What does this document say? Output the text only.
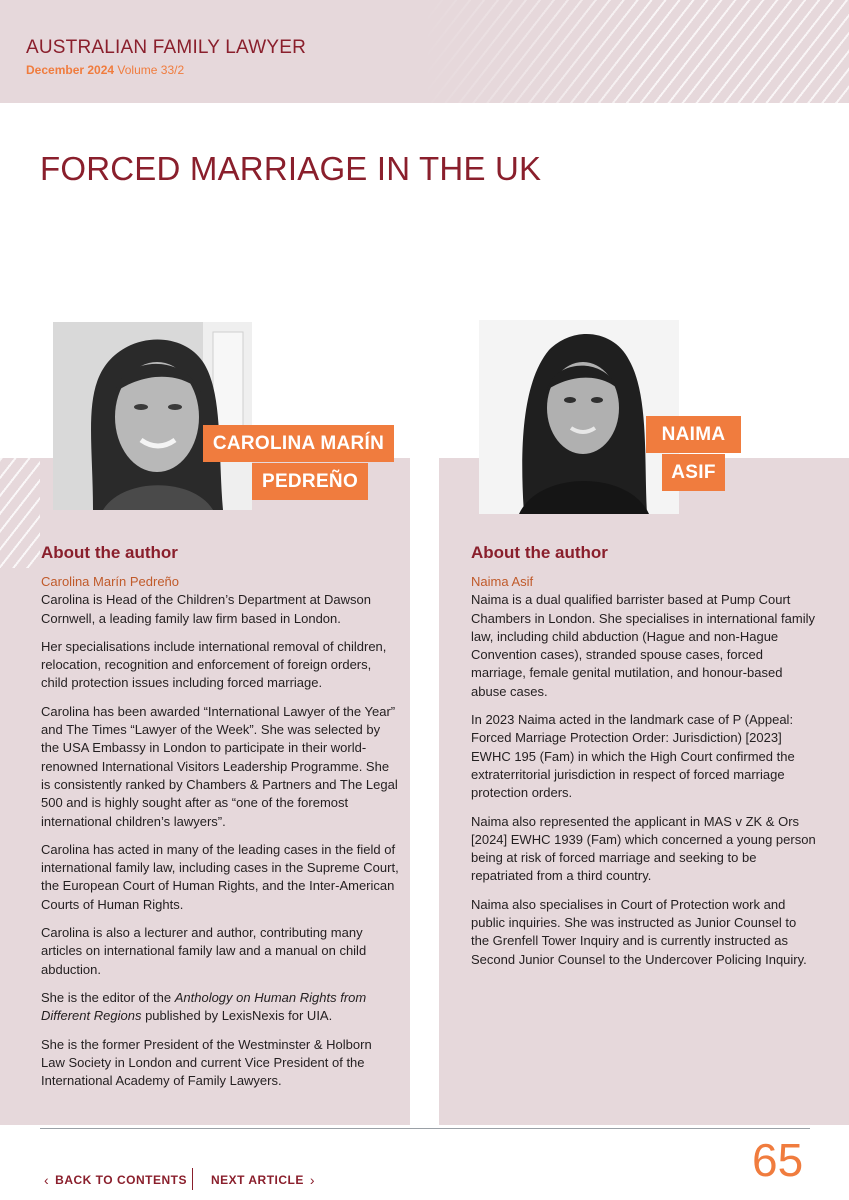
AUSTRALIAN FAMILY LAWYER
December 2024 Volume 33/2
FORCED MARRIAGE IN THE UK
CAROLINA MARÍN
PEDREÑO
NAIMA
ASIF
About the author
Carolina Marín Pedreño

Carolina is Head of the Children’s Department at Dawson Cornwell, a leading family law firm based in London.

Her specialisations include international removal of children, relocation, recognition and enforcement of foreign orders, child protection issues including forced marriage.

Carolina has been awarded “International Lawyer of the Year” and The Times “Lawyer of the Week”. She was selected by the USA Embassy in London to participate in their world-renowned International Visitors Leadership Programme. She is consistently ranked by Chambers & Partners and The Legal 500 and is highly sought after as “one of the foremost international children’s lawyers”.

Carolina has acted in many of the leading cases in the field of international family law, including cases in the Supreme Court, the European Court of Human Rights, and the Inter-American Courts of Human Rights.

Carolina is also a lecturer and author, contributing many articles on international family law and a manual on child abduction.

She is the editor of the Anthology on Human Rights from Different Regions published by LexisNexis for UIA.

She is the former President of the Westminster & Holborn Law Society in London and current Vice President of the International Academy of Family Lawyers.

About the author
Naima Asif

Naima is a dual qualified barrister based at Pump Court Chambers in London. She specialises in international family law, including child abduction (Hague and non-Hague Convention cases), stranded spouse cases, forced marriage, female genital mutilation, and honour-based abuse cases.

In 2023 Naima acted in the landmark case of P (Appeal: Forced Marriage Protection Order: Jurisdiction) [2023] EWHC 195 (Fam) in which the High Court confirmed the extraterritorial jurisdiction in respect of forced marriage protection orders.

Naima also represented the applicant in MAS v ZK & Ors [2024] EWHC 1939 (Fam) which concerned a young person being at risk of forced marriage and seeking to be repatriated from a third country.

Naima also specialises in Court of Protection work and public inquiries. She was instructed as Junior Counsel to the Grenfell Tower Inquiry and is currently instructed as Second Junior Counsel to the Undercover Policing Inquiry.

65
‹ BACK TO CONTENTS NEXT ARTICLE ›
